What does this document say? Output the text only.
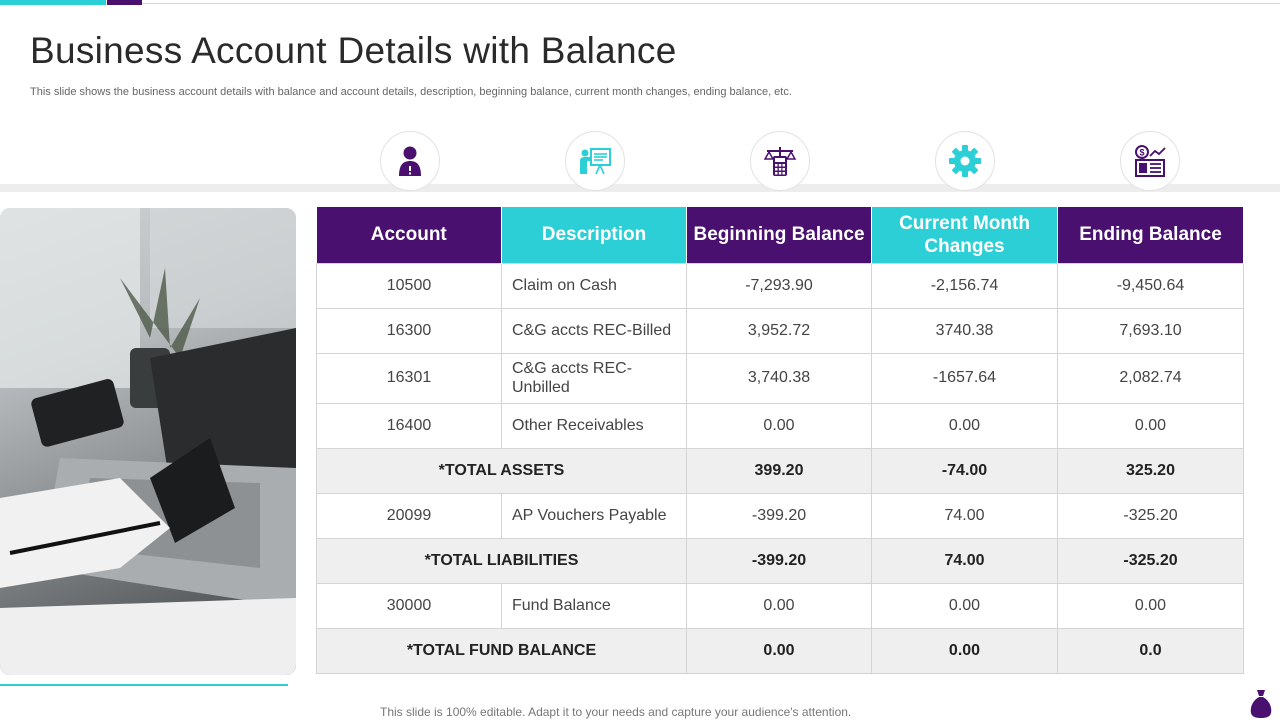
Business Account Details with Balance

This slide shows the business account details with balance and account details, description, beginning balance, current month changes, ending balance, etc.

$
Account	Description	Beginning Balance	Current Month Changes	Ending Balance
10500	Claim on Cash	-7,293.90	-2,156.74	-9,450.64
16300	C&G accts REC-Billed	3,952.72	3740.38	7,693.10
16301	C&G accts REC-Unbilled	3,740.38	-1657.64	2,082.74
16400	Other Receivables	0.00	0.00	0.00
*TOTAL ASSETS		399.20	-74.00	325.20
20099	AP Vouchers Payable	-399.20	74.00	-325.20
*TOTAL LIABILITIES		-399.20	74.00	-325.20
30000	Fund Balance	0.00	0.00	0.00
*TOTAL FUND BALANCE		0.00	0.00	0.0

This slide is 100% editable. Adapt it to your needs and capture your audience's attention.
